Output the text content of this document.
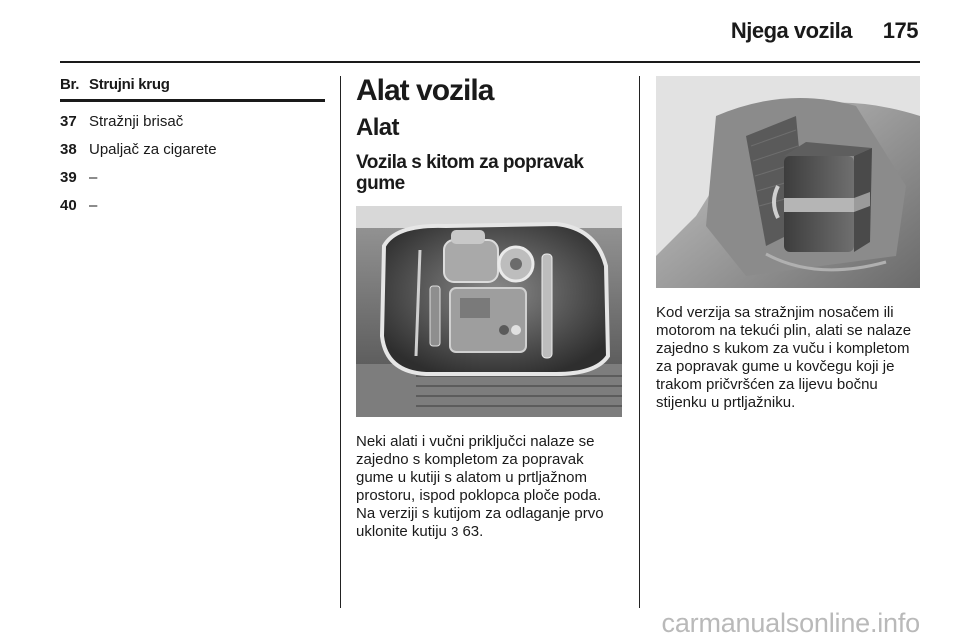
Njega vozila 175
Br. Strujni krug
37 Stražnji brisač
38 Upaljač za cigarete
39 –
40 –
Alat vozila
Alat
Vozila s kitom za popravak gume

Neki alati i vučni priključci nalaze se zajedno s kompletom za popravak gume u kutiji s alatom u prtljažnom prostoru, ispod poklopca ploče poda. Na verziji s kutijom za odlaganje prvo uklonite kutiju 3 63.

Kod verzija sa stražnjim nosačem ili motorom na tekući plin, alati se nalaze zajedno s kukom za vuču i kompletom za popravak gume u kovčegu koji je trakom pričvršćen za lijevu bočnu stijenku u prtljažniku.

carmanualsonline.info
